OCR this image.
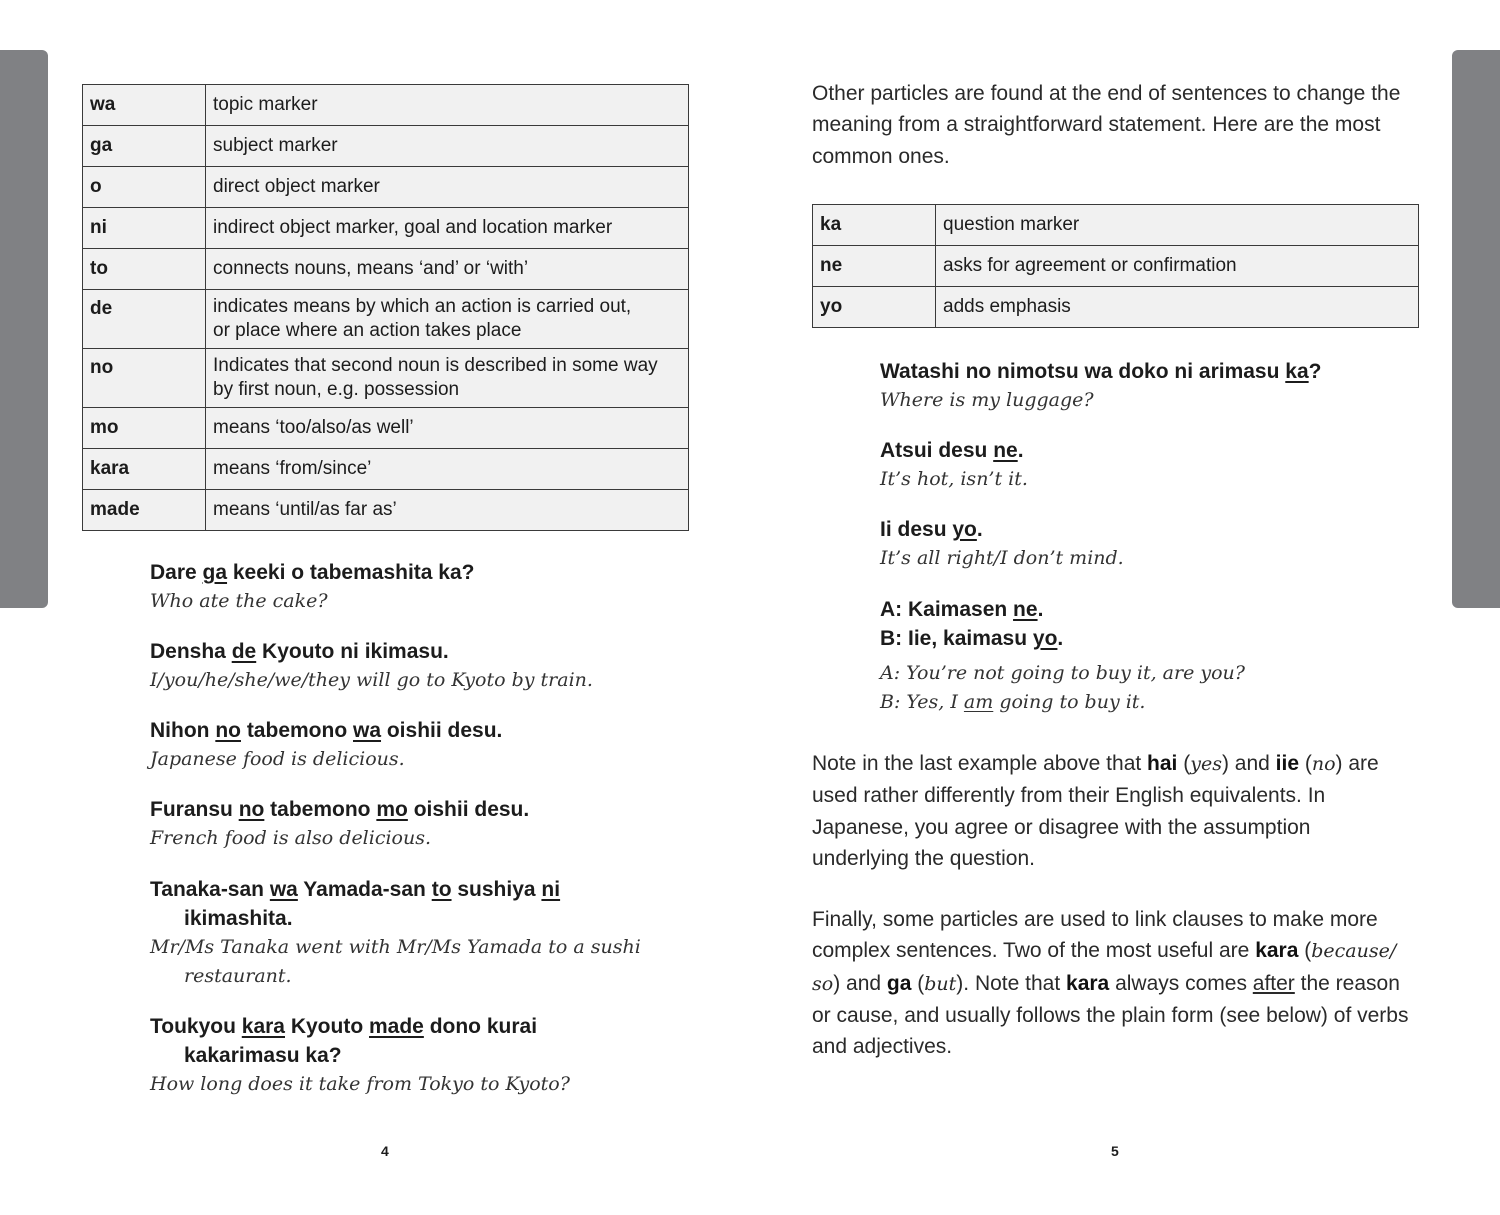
wa	topic marker
ga	subject marker
o	direct object marker
ni	indirect object marker, goal and location marker
to	connects nouns, means ‘and’ or ‘with’
de	indicates means by which an action is carried out,
or place where an action takes place
no	Indicates that second noun is described in some way
by first noun, e.g. possession
mo	means ‘too/also/as well’
kara	means ‘from/since’
made	means ‘until/as far as’
Dare ga keeki o tabemashita ka?
Who ate the cake?
Densha de Kyouto ni ikimasu.
I/you/he/she/we/they will go to Kyoto by train.
Nihon no tabemono wa oishii desu.
Japanese food is delicious.
Furansu no tabemono mo oishii desu.
French food is also delicious.
Tanaka-san wa Yamada-san to sushiya ni
ikimashita.
Mr/Ms Tanaka went with Mr/Ms Yamada to a sushi
restaurant.
Toukyou kara Kyouto made dono kurai
kakarimasu ka?
How long does it take from Tokyo to Kyoto?
4

Other particles are found at the end of sentences to change the meaning from a straightforward statement. Here are the most common ones.

ka	question marker
ne	asks for agreement or confirmation
yo	adds emphasis
Watashi no nimotsu wa doko ni arimasu ka?
Where is my luggage?
Atsui desu ne.
It’s hot, isn’t it.
Ii desu yo.
It’s all right/I don’t mind.
A: Kaimasen ne.
B: Iie, kaimasu yo.
A: You’re not going to buy it, are you?
B: Yes, I am going to buy it.

Note in the last example above that hai (yes) and iie (no) are used rather differently from their English equivalents. In Japanese, you agree or disagree with the assumption underlying the question.

Finally, some particles are used to link clauses to make more complex sentences. Two of the most useful are kara (because/ so) and ga (but). Note that kara always comes after the reason or cause, and usually follows the plain form (see below) of verbs and adjectives.

5
